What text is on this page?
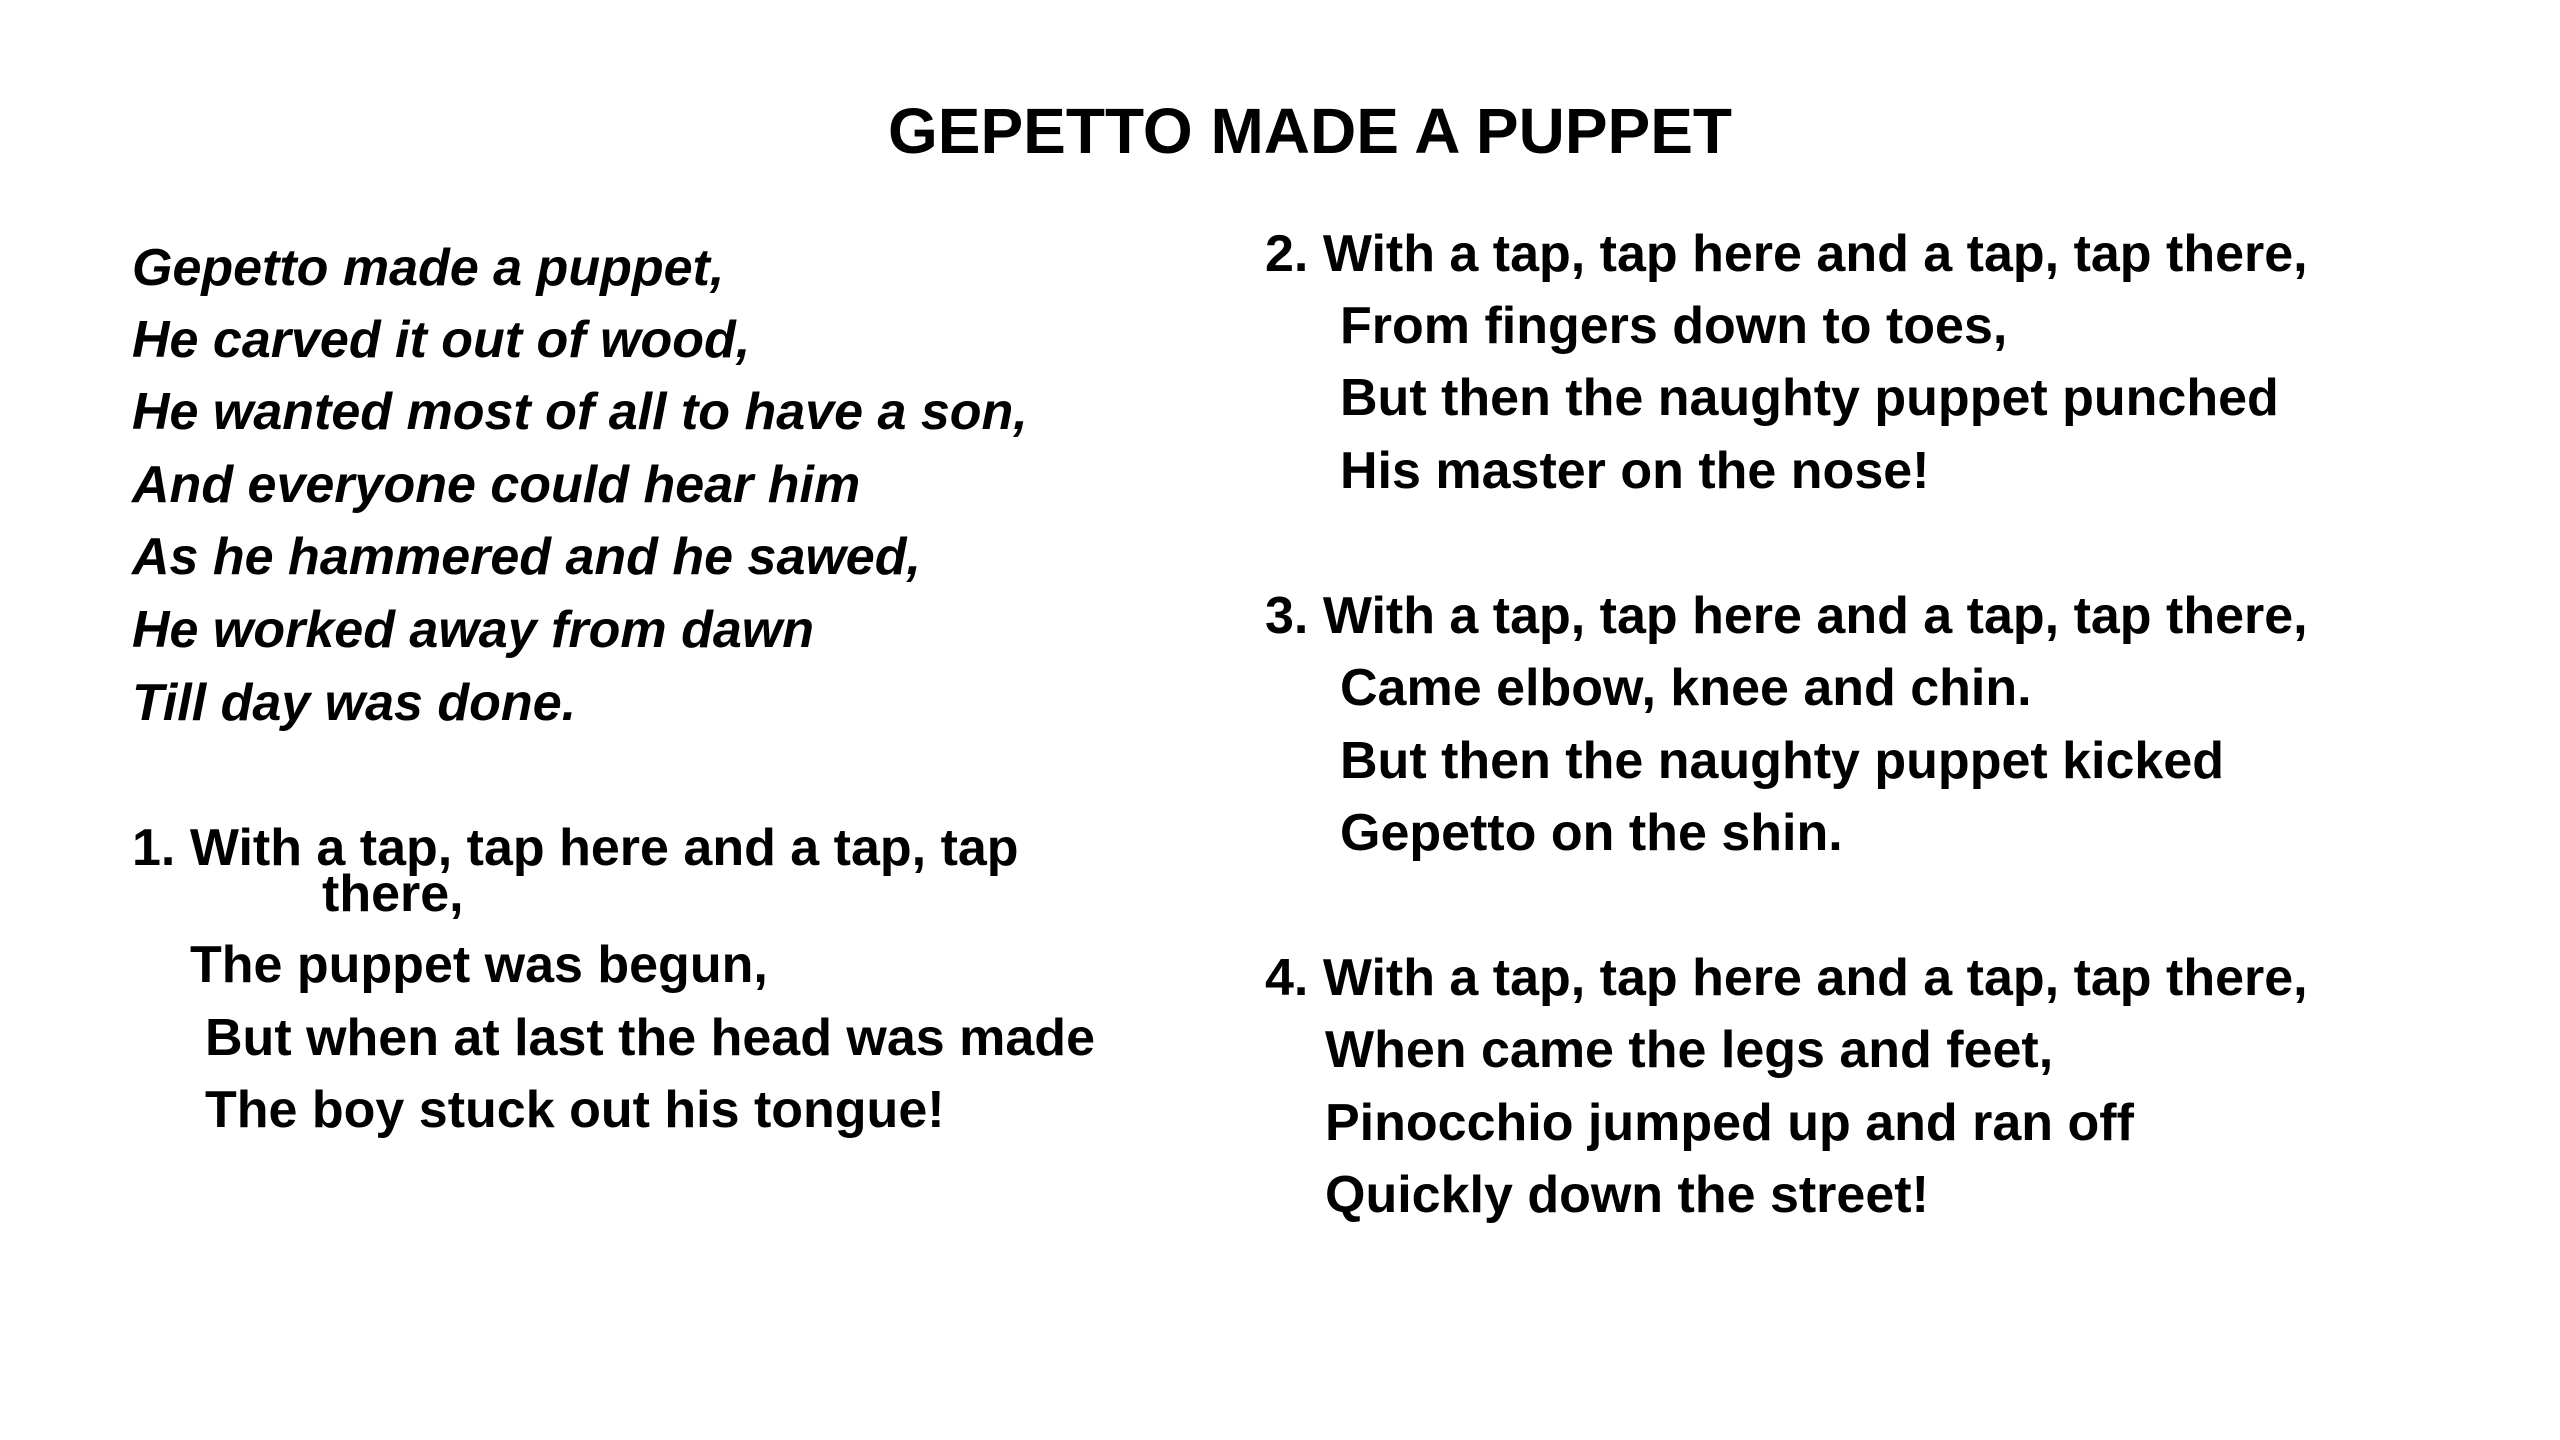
GEPETTO MADE A PUPPET
Gepetto made a puppet,
He carved it out of wood,
He wanted most of all to have a son,
And everyone could hear him
As he hammered and he sawed,
He worked away from dawn
Till day was done.
1. With a tap, tap here and a tap, tap
there,
The puppet was begun,
But when at last the head was made
The boy stuck out his tongue!
2. With a tap, tap here and a tap, tap there,
From fingers down to toes,
But then the naughty puppet punched
His master on the nose!
3. With a tap, tap here and a tap, tap there,
Came elbow, knee and chin.
But then the naughty puppet kicked
Gepetto on the shin.
4. With a tap, tap here and a tap, tap there,
When came the legs and feet,
Pinocchio jumped up and ran off
Quickly down the street!
